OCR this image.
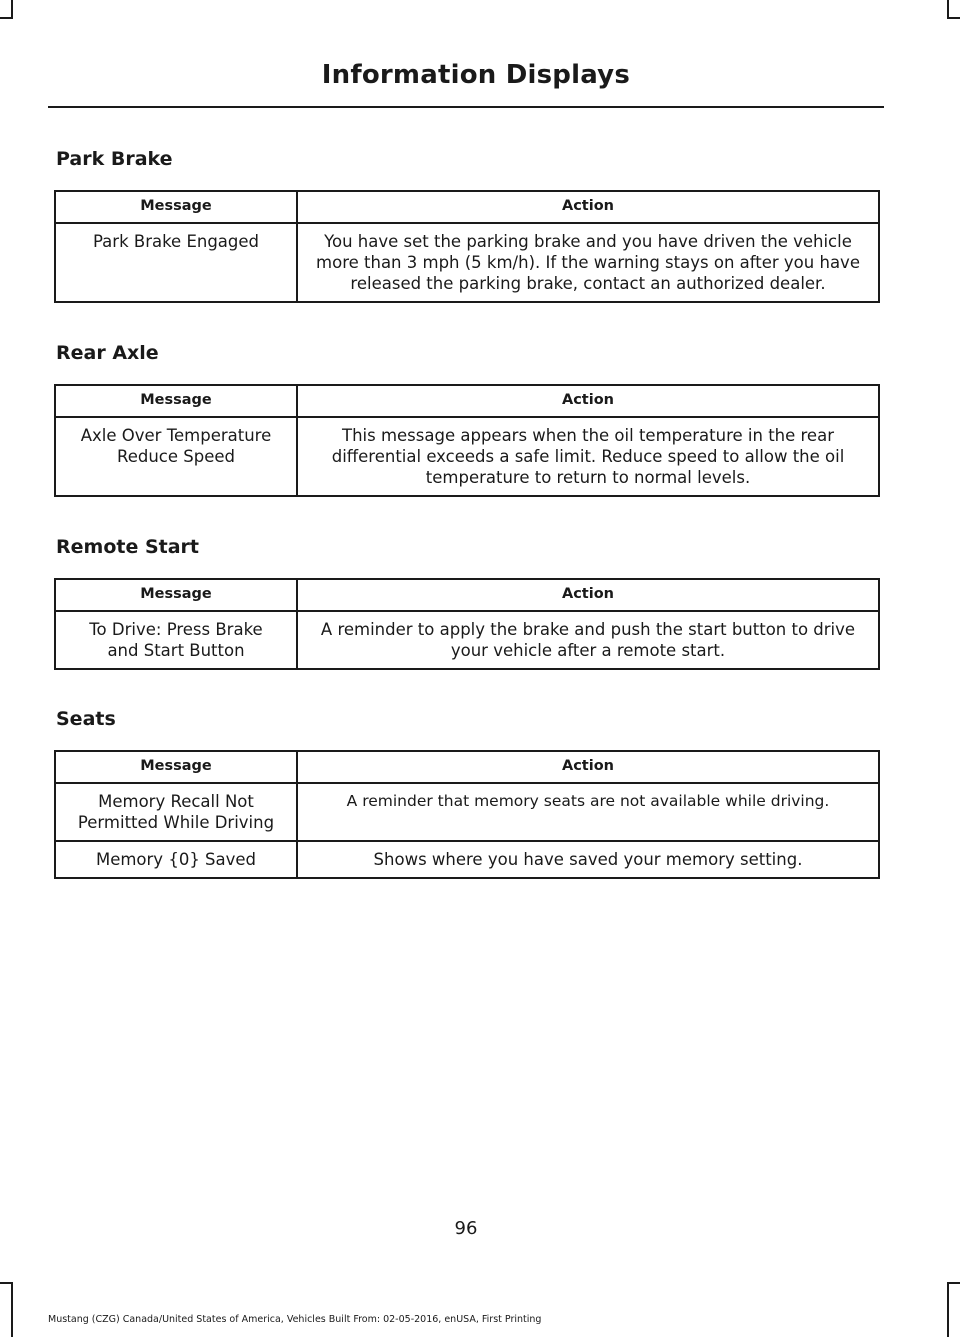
Information Displays
Park Brake
Message	Action
Park Brake Engaged	You have set the parking brake and you have driven the vehicle more than 3 mph (5 km/h). If the warning stays on after you have released the parking brake, contact an authorized dealer.
Rear Axle
Message	Action
Axle Over Temperature Reduce Speed	This message appears when the oil temperature in the rear differential exceeds a safe limit. Reduce speed to allow the oil temperature to return to normal levels.
Remote Start
Message	Action
To Drive: Press Brake and Start Button	A reminder to apply the brake and push the start button to drive your vehicle after a remote start.
Seats
Message	Action
Memory Recall Not Permitted While Driving	A reminder that memory seats are not available while driving.
Memory {0} Saved	Shows where you have saved your memory setting.
96
Mustang (CZG) Canada/United States of America, Vehicles Built From: 02-05-2016, enUSA, First Printing
